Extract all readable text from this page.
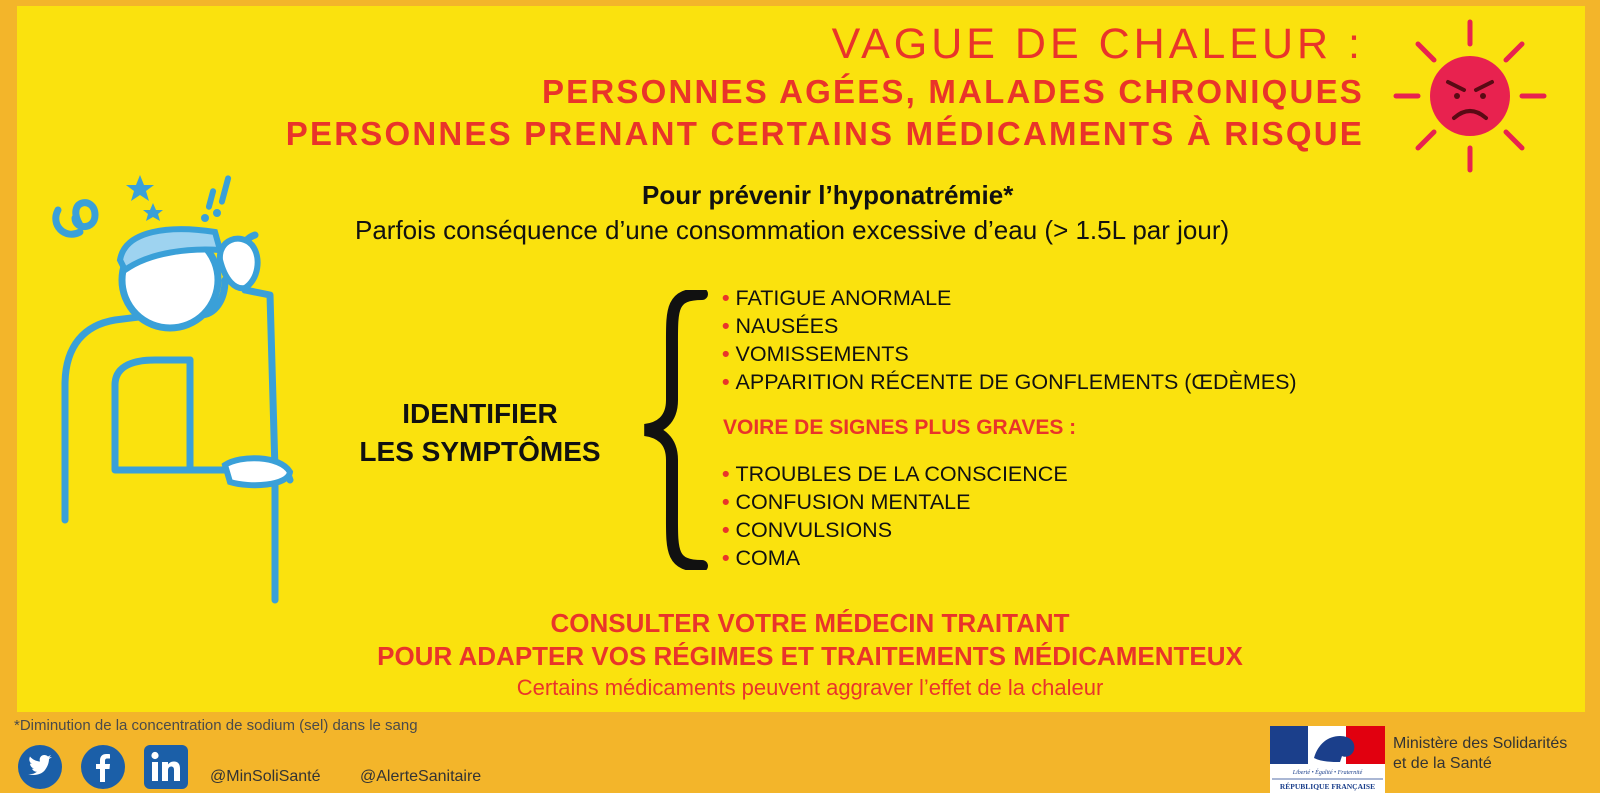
VAGUE DE CHALEUR :
PERSONNES AGÉES, MALADES CHRONIQUES
PERSONNES PRENANT CERTAINS MÉDICAMENTS À RISQUE
Pour prévenir l’hyponatrémie*
Parfois conséquence d’une consommation excessive d’eau (> 1.5L par jour)
IDENTIFIER
LES SYMPTÔMES
• FATIGUE ANORMALE
• NAUSÉES
• VOMISSEMENTS
• APPARITION RÉCENTE DE GONFLEMENTS (ŒDÈMES)
VOIRE DE SIGNES PLUS GRAVES :
• TROUBLES DE LA CONSCIENCE
• CONFUSION MENTALE
• CONVULSIONS
• COMA
CONSULTER VOTRE MÉDECIN TRAITANT
POUR ADAPTER VOS RÉGIMES ET TRAITEMENTS MÉDICAMENTEUX
Certains médicaments peuvent aggraver l’effet de la chaleur
*Diminution de la concentration de sodium (sel) dans le sang
@MinSoliSanté @AlerteSanitaire	Liberté • Égalité • Fraternité
RÉPUBLIQUE FRANÇAISE
Ministère des Solidarités
et de la Santé
